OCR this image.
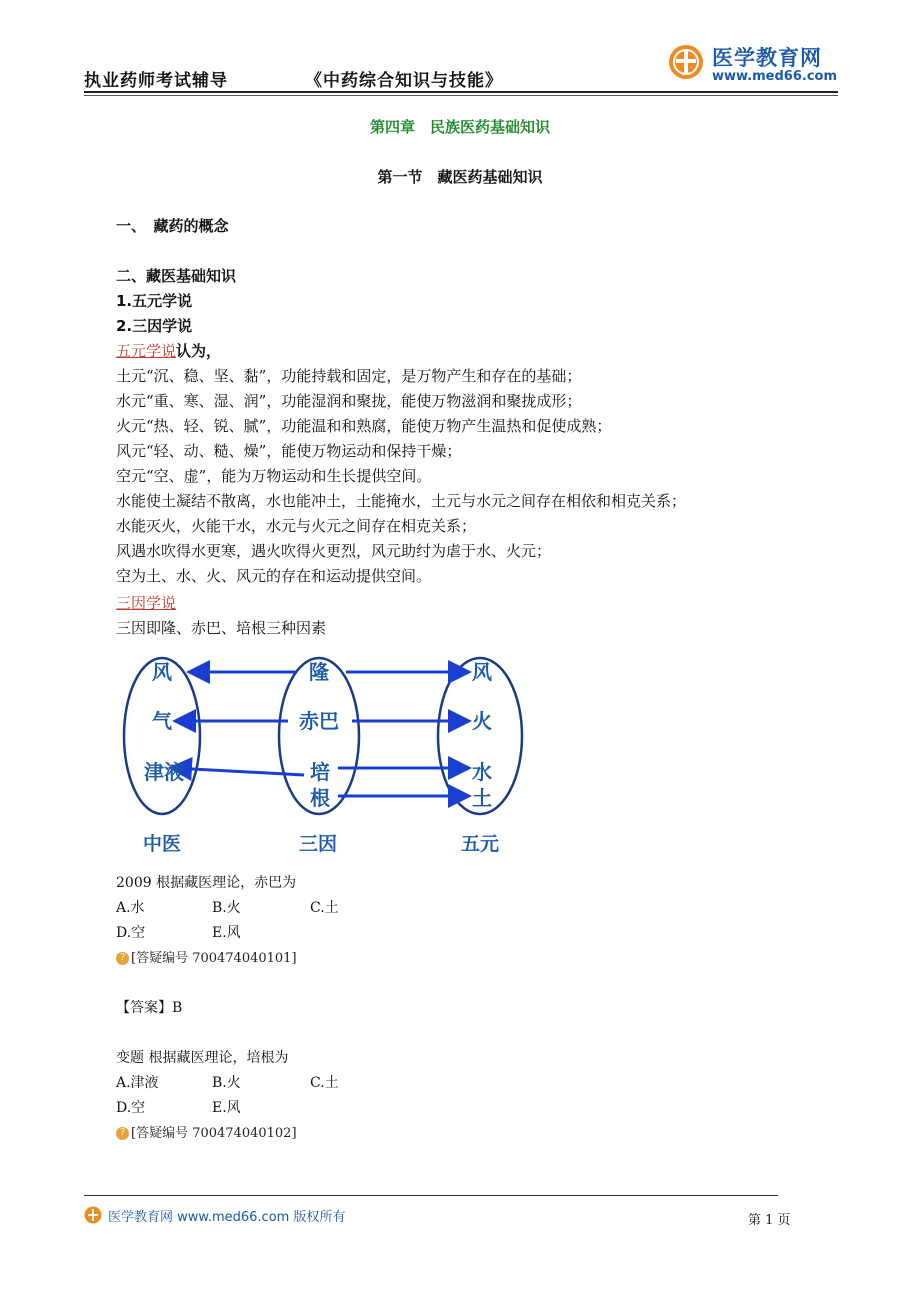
执业药师考试辅导	《中药综合知识与技能》
医学教育网
www.med66.com
第四章　民族医药基础知识
第一节　藏医药基础知识
一、　藏药的概念
二、藏医基础知识
1.五元学说
2.三因学说
五元学说认为，
土元“沉、稳、坚、黏”，功能持载和固定，是万物产生和存在的基础；
水元“重、寒、湿、润”，功能湿润和聚拢，能使万物滋润和聚拢成形；
火元“热、轻、锐、腻”，功能温和和熟腐，能使万物产生温热和促使成熟；
风元“轻、动、糙、燥”，能使万物运动和保持干燥；
空元“空、虚”，能为万物运动和生长提供空间。
水能使土凝结不散离，水也能冲土，土能掩水，土元与水元之间存在相依和相克关系；
水能灭火，火能干水，水元与火元之间存在相克关系；
风遇水吹得水更寒，遇火吹得火更烈，风元助纣为虐于水、火元；
空为土、水、火、风元的存在和运动提供空间。
三因学说
三因即隆、赤巴、培根三种因素
风
气
津液
隆
赤巴
培
根
风
火
水
土
中医	三因	五元
2009 根据藏医理论，赤巴为
A.水	B.火	C.土
D.空	E.风
? [答疑编号 700474040101]
【答案】B
变题 根据藏医理论，培根为
A.津液	B.火	C.土
D.空	E.风
? [答疑编号 700474040102]
医学教育网 www.med66.com 版权所有	第 1 页
